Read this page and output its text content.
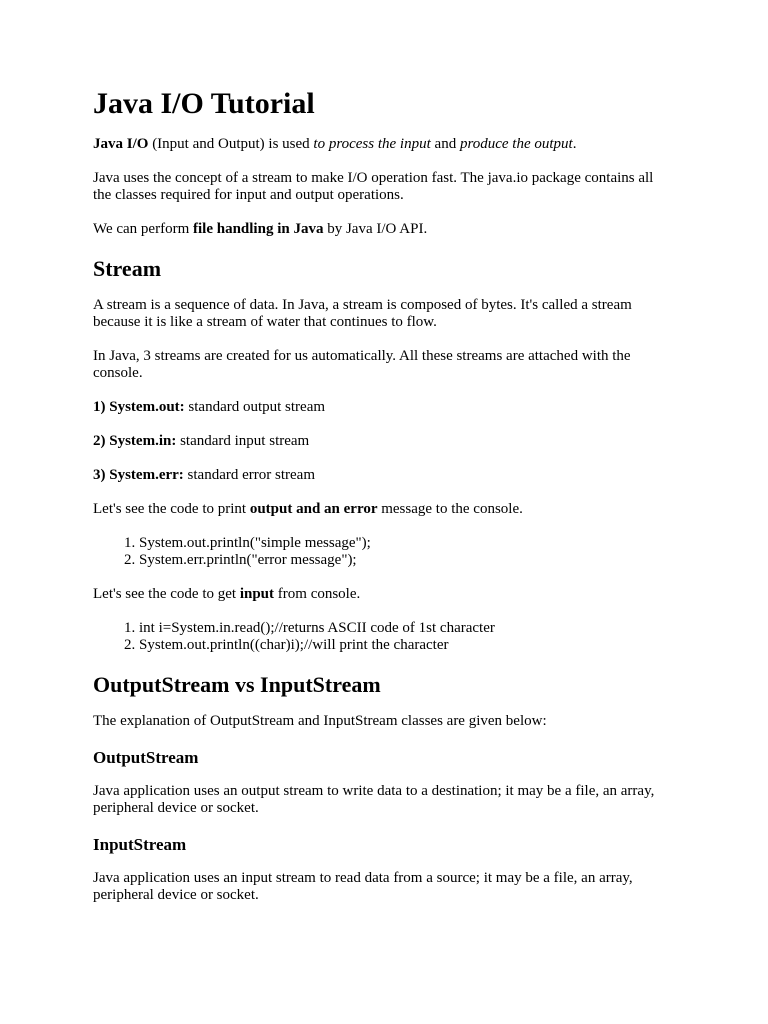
Java I/O Tutorial

Java I/O (Input and Output) is used to process the input and produce the output.

Java uses the concept of a stream to make I/O operation fast. The java.io package contains all the classes required for input and output operations.

We can perform file handling in Java by Java I/O API.

Stream

A stream is a sequence of data. In Java, a stream is composed of bytes. It's called a stream because it is like a stream of water that continues to flow.

In Java, 3 streams are created for us automatically. All these streams are attached with the console.

1) System.out: standard output stream

2) System.in: standard input stream

3) System.err: standard error stream

Let's see the code to print output and an error message to the console.

1. System.out.println("simple message");
2. System.err.println("error message");

Let's see the code to get input from console.

1. int i=System.in.read();//returns ASCII code of 1st character
2. System.out.println((char)i);//will print the character
OutputStream vs InputStream

The explanation of OutputStream and InputStream classes are given below:

OutputStream

Java application uses an output stream to write data to a destination; it may be a file, an array, peripheral device or socket.

InputStream

Java application uses an input stream to read data from a source; it may be a file, an array, peripheral device or socket.
